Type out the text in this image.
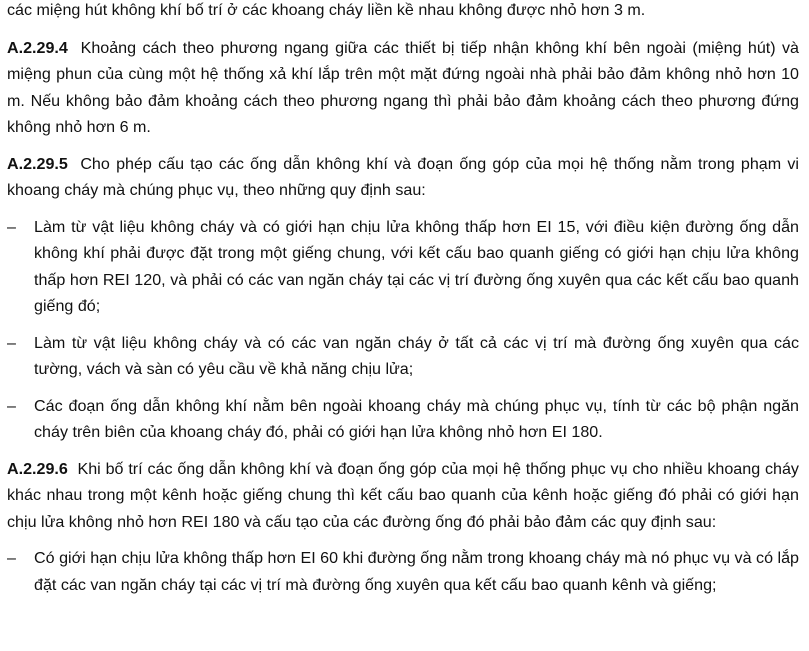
các miệng hút không khí bố trí ở các khoang cháy liền kề nhau không được nhỏ hơn 3 m.

A.2.29.4 Khoảng cách theo phương ngang giữa các thiết bị tiếp nhận không khí bên ngoài (miệng hút) và miệng phun của cùng một hệ thống xả khí lắp trên một mặt đứng ngoài nhà phải bảo đảm không nhỏ hơn 10 m. Nếu không bảo đảm khoảng cách theo phương ngang thì phải bảo đảm khoảng cách theo phương đứng không nhỏ hơn 6 m.

A.2.29.5 Cho phép cấu tạo các ống dẫn không khí và đoạn ống góp của mọi hệ thống nằm trong phạm vi khoang cháy mà chúng phục vụ, theo những quy định sau:

–	Làm từ vật liệu không cháy và có giới hạn chịu lửa không thấp hơn EI 15, với điều kiện đường ống dẫn không khí phải được đặt trong một giếng chung, với kết cấu bao quanh giếng có giới hạn chịu lửa không thấp hơn REI 120, và phải có các van ngăn cháy tại các vị trí đường ống xuyên qua các kết cấu bao quanh giếng đó;
–	Làm từ vật liệu không cháy và có các van ngăn cháy ở tất cả các vị trí mà đường ống xuyên qua các tường, vách và sàn có yêu cầu về khả năng chịu lửa;
–	Các đoạn ống dẫn không khí nằm bên ngoài khoang cháy mà chúng phục vụ, tính từ các bộ phận ngăn cháy trên biên của khoang cháy đó, phải có giới hạn lửa không nhỏ hơn EI 180.

A.2.29.6 Khi bố trí các ống dẫn không khí và đoạn ống góp của mọi hệ thống phục vụ cho nhiều khoang cháy khác nhau trong một kênh hoặc giếng chung thì kết cấu bao quanh của kênh hoặc giếng đó phải có giới hạn chịu lửa không nhỏ hơn REI 180 và cấu tạo của các đường ống đó phải bảo đảm các quy định sau:

–	Có giới hạn chịu lửa không thấp hơn EI 60 khi đường ống nằm trong khoang cháy mà nó phục vụ và có lắp đặt các van ngăn cháy tại các vị trí mà đường ống xuyên qua kết cấu bao quanh kênh và giếng;
